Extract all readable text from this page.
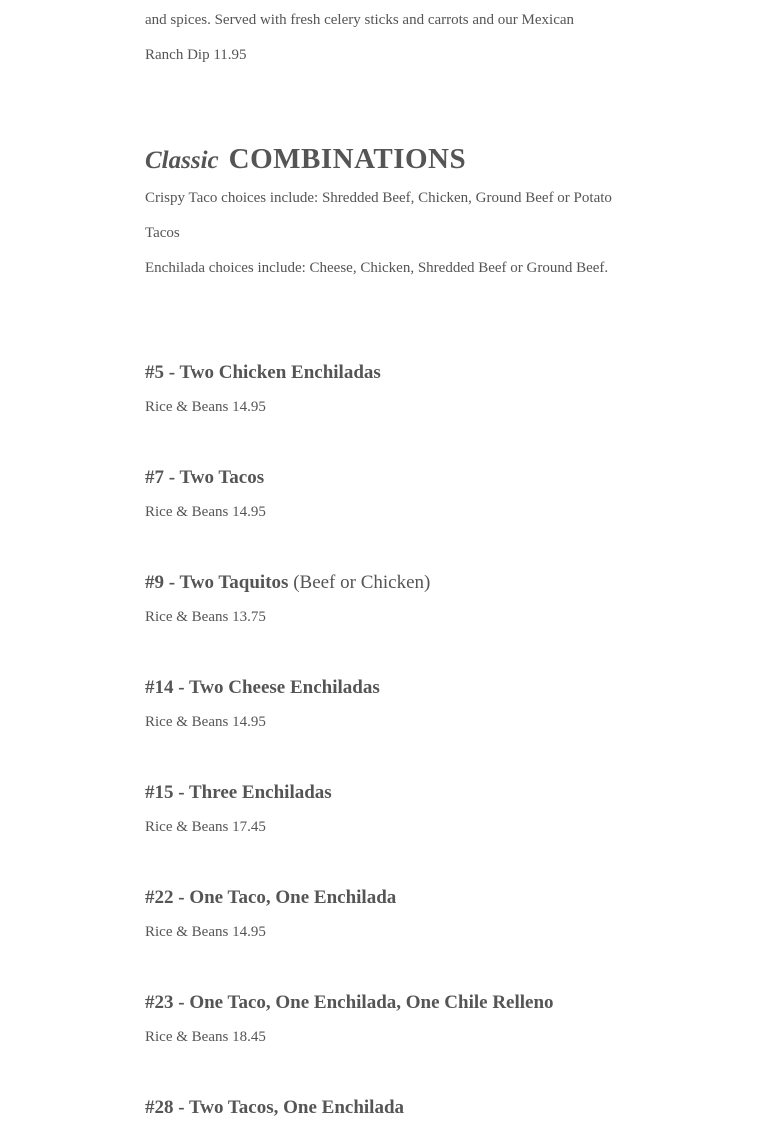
and spices. Served with fresh celery sticks and carrots and our Mexican

Ranch Dip 11.95

Classic COMBINATIONS

Crispy Taco choices include: Shredded Beef, Chicken, Ground Beef or Potato Tacos

Enchilada choices include: Cheese, Chicken, Shredded Beef or Ground Beef.

#5 - Two Chicken Enchiladas

Rice & Beans 14.95

#7 - Two Tacos

Rice & Beans 14.95

#9 - Two Taquitos (Beef or Chicken)

Rice & Beans 13.75

#14 - Two Cheese Enchiladas

Rice & Beans 14.95

#15 - Three Enchiladas

Rice & Beans 17.45

#22 - One Taco, One Enchilada

Rice & Beans 14.95

#23 - One Taco, One Enchilada, One Chile Relleno

Rice & Beans 18.45

#28 - Two Tacos, One Enchilada
